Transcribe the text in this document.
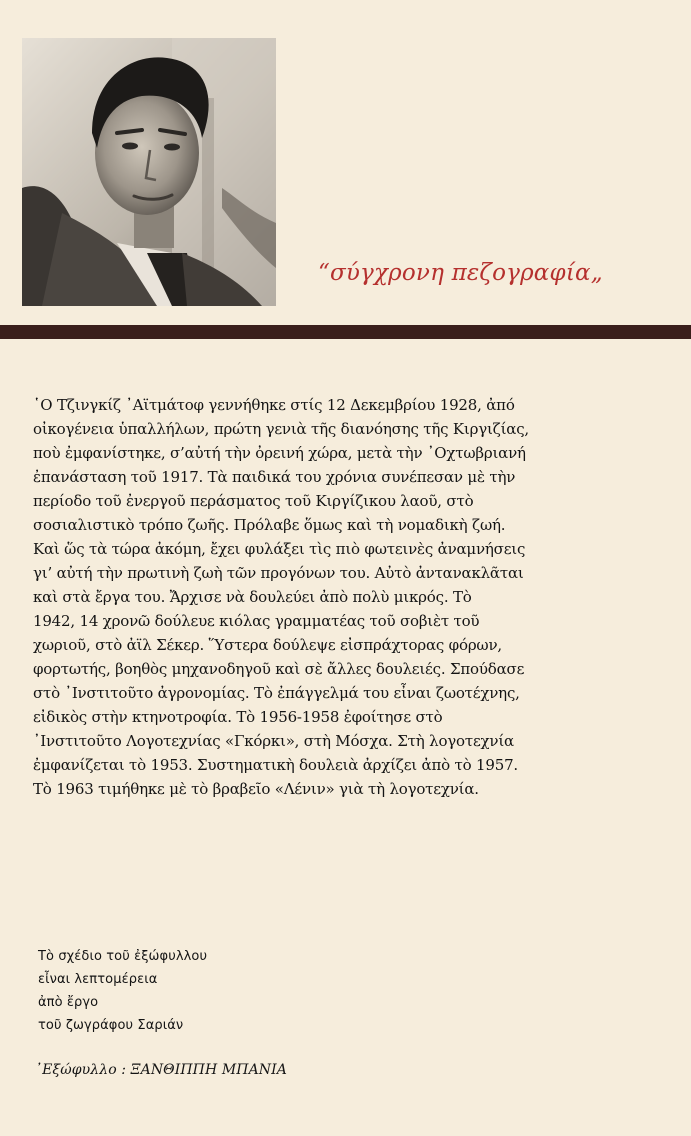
“σύγχρονη πεζογραφία„
῾Ο Τζινγκίζ ᾿Αϊτμάτοφ γεννήθηκε στίς 12 Δεκεμβρίου 1928, ἀπό
οἰκογένεια ὑπαλλήλων, πρώτη γενιὰ τῆς διανόησης τῆς Κιργιζίας,
ποὺ ἐμφανίστηκε, σ’αὐτή τὴν ὀρεινή χώρα, μετὰ τὴν ᾿Οχτωβριανή
ἐπανάσταση τοῦ 1917. Τὰ παιδικά του χρόνια συνέπεσαν μὲ τὴν
περίοδο τοῦ ἐνεργοῦ περάσματος τοῦ Κιργίζικου λαοῦ, στὸ
σοσιαλιστικὸ τρόπο ζωῆς. Πρόλαβε ὅμως καὶ τὴ νομαδικὴ ζωή.
Καὶ ὥς τὰ τώρα ἀκόμη, ἔχει φυλάξει τὶς πιὸ φωτεινὲς ἀναμνήσεις
γι’ αὐτή τὴν πρωτινὴ ζωὴ τῶν προγόνων του. Αὐτὸ ἀντανακλᾶται
καὶ στὰ ἔργα του. Ἄρχισε νὰ δουλεύει ἀπὸ πολὺ μικρός. Τὸ
1942, 14 χρονῶ δούλευε κιόλας γραμματέας τοῦ σοβιὲτ τοῦ
χωριοῦ, στὸ ἀϊλ Σέκερ. Ὕστερα δούλεψε εἰσπράχτορας φόρων,
φορτωτής, βοηθὸς μηχανοδηγοῦ καὶ σὲ ἄλλες δουλειές. Σπούδασε
στὸ ᾿Ινστιτοῦτο ἀγρονομίας. Τὸ ἐπάγγελμά του εἶναι ζωοτέχνης,
εἰδικὸς στὴν κτηνοτροφία. Τὸ 1956-1958 ἐφοίτησε στὸ
᾿Ινστιτοῦτο Λογοτεχνίας «Γκόρκι», στὴ Μόσχα. Στὴ λογοτεχνία
ἐμφανίζεται τὸ 1953. Συστηματικὴ δουλειὰ ἀρχίζει ἀπὸ τὸ 1957.
Τὸ 1963 τιμήθηκε μὲ τὸ βραβεῖο «Λένιν» γιὰ τὴ λογοτεχνία.
Τὸ σχέδιο τοῦ ἐξώφυλλου
εἶναι λεπτομέρεια
ἀπὸ ἔργο
τοῦ ζωγράφου Σαριάν
᾿Εξώφυλλο : ΞΑΝΘΙΠΠΗ ΜΠΑΝΙΑ
